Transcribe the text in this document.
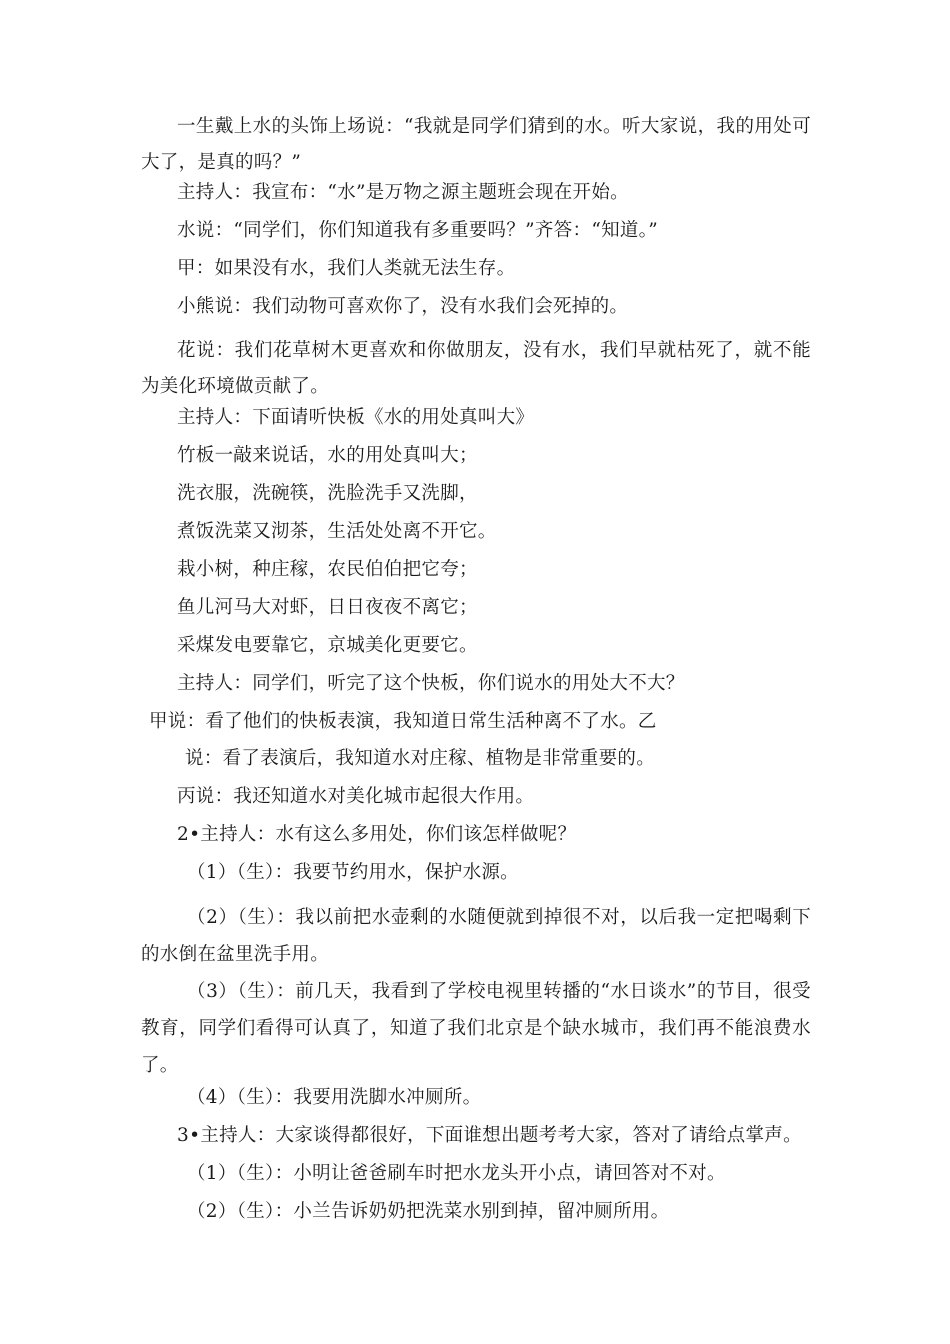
一生戴上水的头饰上场说：“我就是同学们猜到的水。听大家说，我的用处可大了，是真的吗？”
主持人：我宣布：“水”是万物之源主题班会现在开始。
水说：“同学们，你们知道我有多重要吗？”齐答：“知道。”
甲：如果没有水，我们人类就无法生存。
小熊说：我们动物可喜欢你了，没有水我们会死掉的。
花说：我们花草树木更喜欢和你做朋友，没有水，我们早就枯死了，就不能为美化环境做贡献了。
主持人：下面请听快板《水的用处真叫大》
竹板一敲来说话，水的用处真叫大；
洗衣服，洗碗筷，洗脸洗手又洗脚，
煮饭洗菜又沏茶，生活处处离不开它。
栽小树，种庄稼，农民伯伯把它夸；
鱼儿河马大对虾，日日夜夜不离它；
采煤发电要靠它，京城美化更要它。
主持人：同学们，听完了这个快板，你们说水的用处大不大？
甲说：看了他们的快板表演，我知道日常生活种离不了水。乙
说：看了表演后，我知道水对庄稼、植物是非常重要的。
丙说：我还知道水对美化城市起很大作用。
2•主持人：水有这么多用处，你们该怎样做呢？
（1）（生）：我要节约用水，保护水源。
（2）（生）：我以前把水壶剩的水随便就到掉很不对，以后我一定把喝剩下的水倒在盆里洗手用。
（3）（生）：前几天，我看到了学校电视里转播的“水日谈水”的节目，很受教育，同学们看得可认真了，知道了我们北京是个缺水城市，我们再不能浪费水了。
（4）（生）：我要用洗脚水冲厕所。
3•主持人：大家谈得都很好，下面谁想出题考考大家，答对了请给点掌声。
（1）（生）：小明让爸爸刷车时把水龙头开小点，请回答对不对。
（2）（生）：小兰告诉奶奶把洗菜水别到掉，留冲厕所用。
